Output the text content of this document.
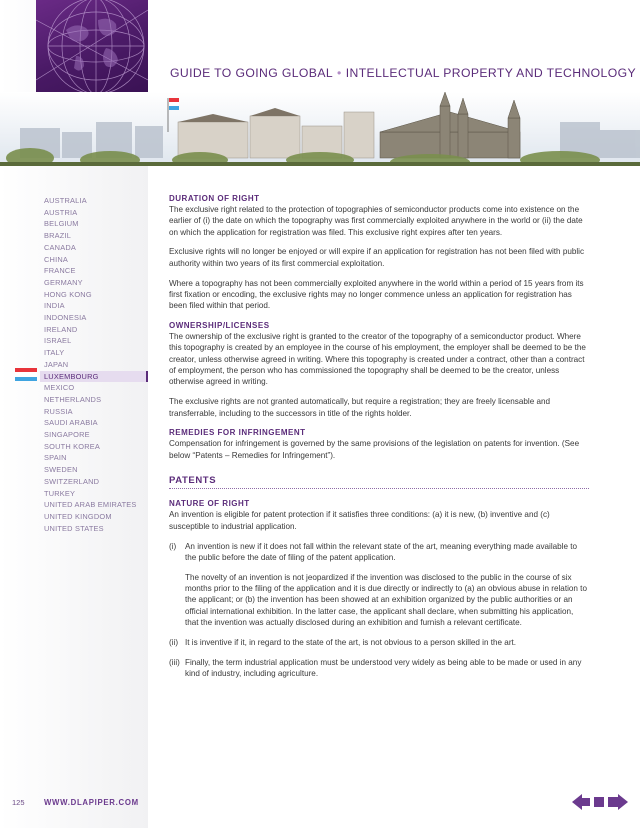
GUIDE TO GOING GLOBAL • INTELLECTUAL PROPERTY AND TECHNOLOGY
AUSTRALIA
AUSTRIA
BELGIUM
BRAZIL
CANADA
CHINA
FRANCE
GERMANY
HONG KONG
INDIA
INDONESIA
IRELAND
ISRAEL
ITALY
JAPAN
LUXEMBOURG
MEXICO
NETHERLANDS
RUSSIA
SAUDI ARABIA
SINGAPORE
SOUTH KOREA
SPAIN
SWEDEN
SWITZERLAND
TURKEY
UNITED ARAB EMIRATES
UNITED KINGDOM
UNITED STATES
DURATION OF RIGHT

The exclusive right related to the protection of topographies of semiconductor products come into existence on the earlier of (i) the date on which the topography was first commercially exploited anywhere in the world or (ii) the date on which the application for registration was filed. This exclusive right expires after ten years.

Exclusive rights will no longer be enjoyed or will expire if an application for registration has not been filed with public authority within two years of its first commercial exploitation.

Where a topography has not been commercially exploited anywhere in the world within a period of 15 years from its first fixation or encoding, the exclusive rights may no longer commence unless an application for registration has been filed within that period.

OWNERSHIP/LICENSES

The ownership of the exclusive right is granted to the creator of the topography of a semiconductor product. Where this topography is created by an employee in the course of his employment, the employer shall be deemed to be the creator, unless otherwise agreed in writing. Where this topography is created under a contract, other than a contract of employment, the person who has commissioned the topography shall be deemed to be the creator, unless otherwise agreed in writing.

The exclusive rights are not granted automatically, but require a registration; they are freely licensable and transferrable, including to the successors in title of the rights holder.

REMEDIES FOR INFRINGEMENT

Compensation for infringement is governed by the same provisions of the legislation on patents for invention. (See below “Patents – Remedies for Infringement”).

PATENTS
NATURE OF RIGHT

An invention is eligible for patent protection if it satisfies three conditions: (a) it is new, (b) inventive and (c) susceptible to industrial application.

(i) An invention is new if it does not fall within the relevant state of the art, meaning everything made available to the public before the date of filing of the patent application.
The novelty of an invention is not jeopardized if the invention was disclosed to the public in the course of six months prior to the filing of the application and it is due directly or indirectly to (a) an obvious abuse in relation to the applicant; or (b) the invention has been showed at an exhibition organized by the public authorities or an official international exhibition. In the latter case, the applicant shall declare, when submitting his application, that the invention was actually disclosed during an exhibition and furnish a relevant certificate.
(ii) It is inventive if it, in regard to the state of the art, is not obvious to a person skilled in the art.
(iii) Finally, the term industrial application must be understood very widely as being able to be made or used in any kind of industry, including agriculture.
125 WWW.DLAPIPER.COM
